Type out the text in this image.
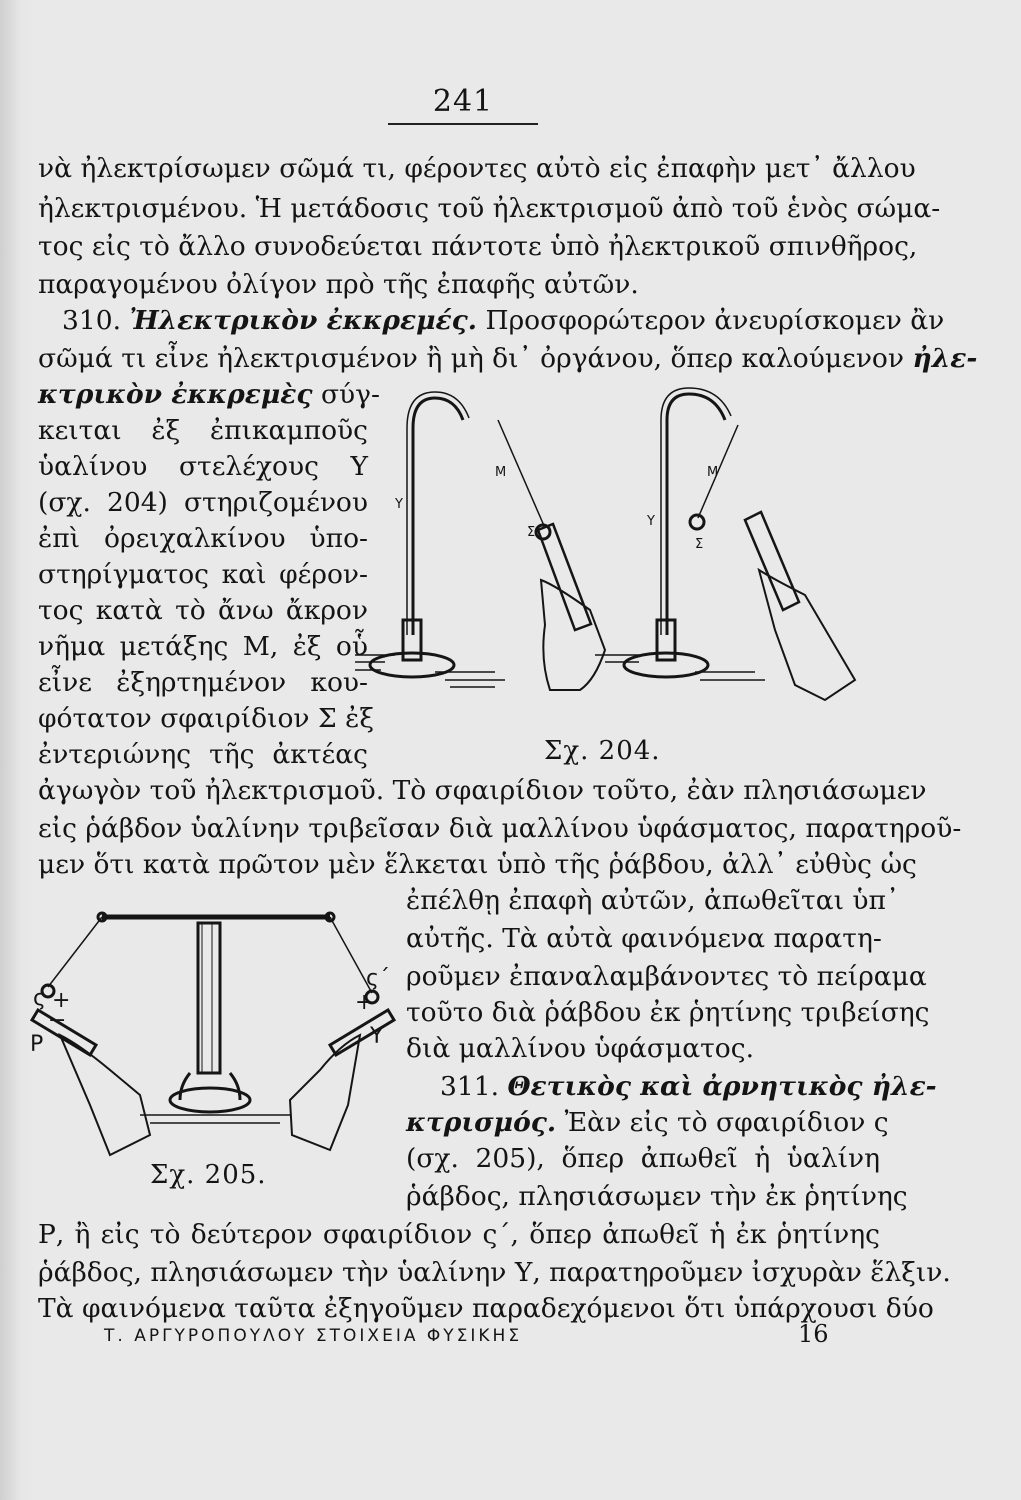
241
νὰ ἠλεκτρίσωμεν σῶμά τι, φέροντες αὐτὸ εἰς ἐπαφὴν μετ᾽ ἄλλου
ἠλεκτρισμένου. Ἡ μετάδοσις τοῦ ἠλεκτρισμοῦ ἀπὸ τοῦ ἑνὸς σώμα-
τος εἰς τὸ ἄλλο συνοδεύεται πάντοτε ὑπὸ ἠλεκτρικοῦ σπινθῆρος,
παραγομένου ὀλίγον πρὸ τῆς ἐπαφῆς αὐτῶν.
310. Ἠλεκτρικὸν ἐκκρεμές. Προσφορώτερον ἀνευρίσκομεν ἂν
σῶμά τι εἶνε ἠλεκτρισμένον ἢ μὴ δι᾽ ὀργάνου, ὅπερ καλούμενον ἠλε-
κτρικὸν ἐκκρεμὲς σύγ-
κειται ἐξ ἐπικαμποῦς
ὑαλίνου στελέχους Υ
(σχ. 204) στηριζομένου
ἐπὶ ὀρειχαλκίνου ὑπο-
στηρίγματος καὶ φέρον-
τος κατὰ τὸ ἄνω ἄκρον
νῆμα μετάξης Μ, ἐξ οὗ
εἶνε ἐξηρτημένον κου-
φότατον σφαιρίδιον Σ ἐξ
ἐντεριώνης τῆς ἀκτέας
Υ
Μ
Σ
Υ
Μ
Σ
Σχ. 204.
ἀγωγὸν τοῦ ἠλεκτρισμοῦ. Τὸ σφαιρίδιον τοῦτο, ἐὰν πλησιάσωμεν
εἰς ῥάβδον ὑαλίνην τριβεῖσαν διὰ μαλλίνου ὑφάσματος, παρατηροῦ-
μεν ὅτι κατὰ πρῶτον μὲν ἕλκεται ὑπὸ τῆς ῥάβδου, ἀλλ᾽ εὐθὺς ὡς
ἐπέλθῃ ἐπαφὴ αὐτῶν, ἀπωθεῖται ὑπ᾽
αὐτῆς. Τὰ αὐτὰ φαινόμενα παρατη-
ροῦμεν ἐπαναλαμβάνοντες τὸ πείραμα
τοῦτο διὰ ῥάβδου ἐκ ῥητίνης τριβείσης
διὰ μαλλίνου ὑφάσματος.
ς +
−
Ρ
ς΄
+
Υ
Σχ. 205.
311. Θετικὸς καὶ ἀρνητικὸς ἠλε-
κτρισμός. Ἐὰν εἰς τὸ σφαιρίδιον ς
(σχ. 205), ὅπερ ἀπωθεῖ ἡ ὑαλίνη
ῥάβδος, πλησιάσωμεν τὴν ἐκ ῥητίνης
Ρ, ἢ εἰς τὸ δεύτερον σφαιρίδιον ς΄, ὅπερ ἀπωθεῖ ἡ ἐκ ῥητίνης
ῥάβδος, πλησιάσωμεν τὴν ὑαλίνην Υ, παρατηροῦμεν ἰσχυρὰν ἕλξιν.
Τὰ φαινόμενα ταῦτα ἐξηγοῦμεν παραδεχόμενοι ὅτι ὑπάρχουσι δύο
Τ. ΑΡΓΥΡΟΠΟΥΛΟΥ ΣΤΟΙΧΕΙΑ ΦΥΣΙΚΗΣ	16
